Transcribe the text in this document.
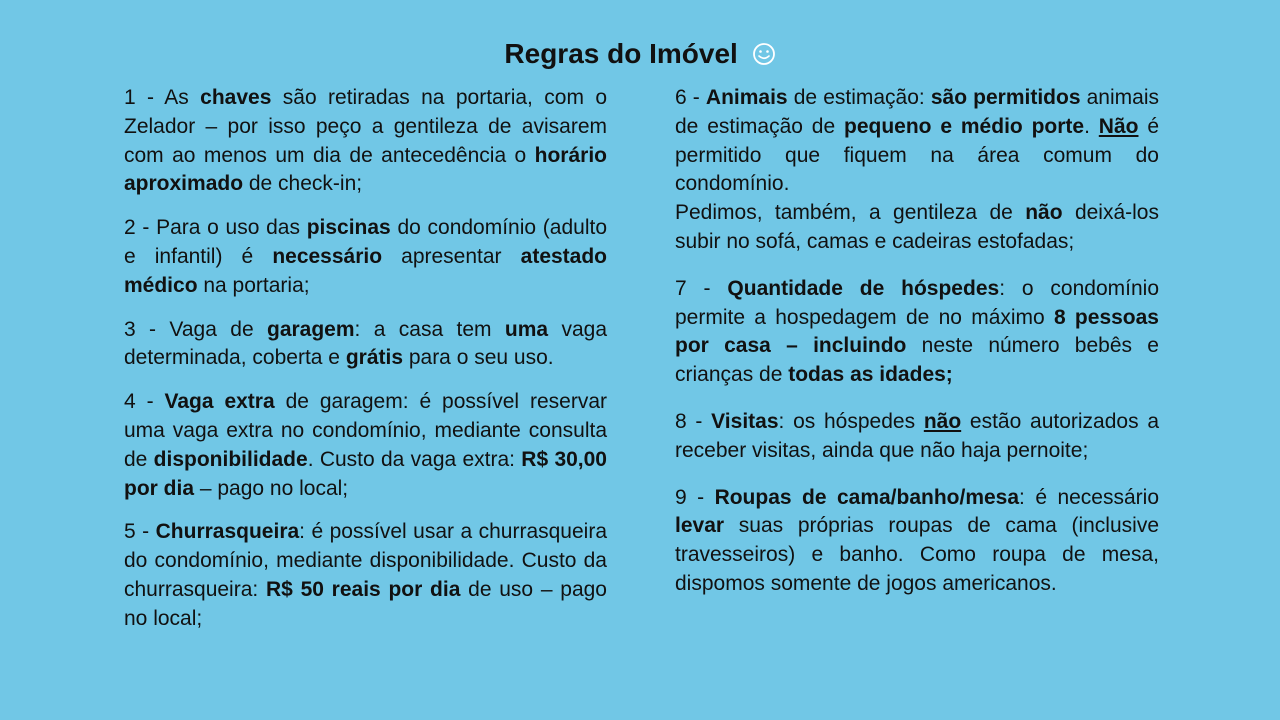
Regras do Imóvel

1 - As chaves são retiradas na portaria, com o Zelador – por isso peço a gentileza de avisarem com ao menos um dia de antecedência o horário aproximado de check-in;

2 - Para o uso das piscinas do condomínio (adulto e infantil) é necessário apresentar atestado médico na portaria;

3 - Vaga de garagem: a casa tem uma vaga determinada, coberta e grátis para o seu uso.

4 - Vaga extra de garagem: é possível reservar uma vaga extra no condomínio, mediante consulta de disponibilidade. Custo da vaga extra: R$ 30,00 por dia – pago no local;

5 - Churrasqueira: é possível usar a churrasqueira do condomínio, mediante disponibilidade. Custo da churrasqueira: R$ 50 reais por dia de uso – pago no local;

6 - Animais de estimação: são permitidos animais de estimação de pequeno e médio porte. Não é permitido que fiquem na área comum do condomínio.

Pedimos, também, a gentileza de não deixá-los subir no sofá, camas e cadeiras estofadas;

7 - Quantidade de hóspedes: o condomínio permite a hospedagem de no máximo 8 pessoas por casa – incluindo neste número bebês e crianças de todas as idades;

8 - Visitas: os hóspedes não estão autorizados a receber visitas, ainda que não haja pernoite;

9 - Roupas de cama/banho/mesa: é necessário levar suas próprias roupas de cama (inclusive travesseiros) e banho. Como roupa de mesa, dispomos somente de jogos americanos.
